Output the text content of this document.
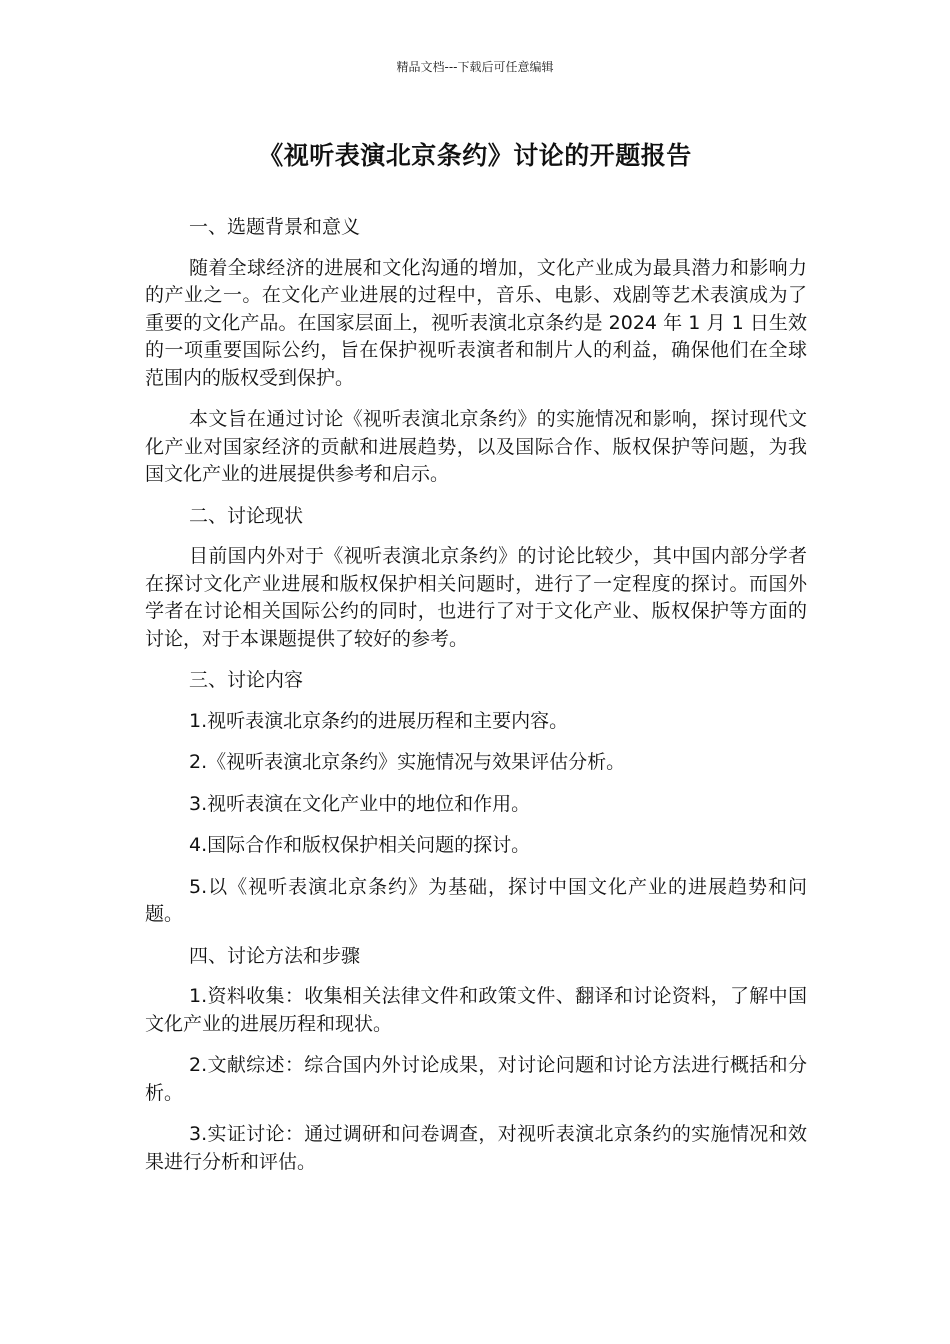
精品文档---下载后可任意编辑
《视听表演北京条约》讨论的开题报告

一、选题背景和意义

随着全球经济的进展和文化沟通的增加，文化产业成为最具潜力和影响力的产业之一。在文化产业进展的过程中，音乐、电影、戏剧等艺术表演成为了重要的文化产品。在国家层面上，视听表演北京条约是 2024 年 1 月 1 日生效的一项重要国际公约，旨在保护视听表演者和制片人的利益，确保他们在全球范围内的版权受到保护。

本文旨在通过讨论《视听表演北京条约》的实施情况和影响，探讨现代文化产业对国家经济的贡献和进展趋势，以及国际合作、版权保护等问题，为我国文化产业的进展提供参考和启示。

二、讨论现状

目前国内外对于《视听表演北京条约》的讨论比较少，其中国内部分学者在探讨文化产业进展和版权保护相关问题时，进行了一定程度的探讨。而国外学者在讨论相关国际公约的同时，也进行了对于文化产业、版权保护等方面的讨论，对于本课题提供了较好的参考。

三、讨论内容

1.视听表演北京条约的进展历程和主要内容。

2.《视听表演北京条约》实施情况与效果评估分析。

3.视听表演在文化产业中的地位和作用。

4.国际合作和版权保护相关问题的探讨。

5.以《视听表演北京条约》为基础，探讨中国文化产业的进展趋势和问题。

四、讨论方法和步骤

1.资料收集：收集相关法律文件和政策文件、翻译和讨论资料，了解中国文化产业的进展历程和现状。

2.文献综述：综合国内外讨论成果，对讨论问题和讨论方法进行概括和分析。

3.实证讨论：通过调研和问卷调查，对视听表演北京条约的实施情况和效果进行分析和评估。
